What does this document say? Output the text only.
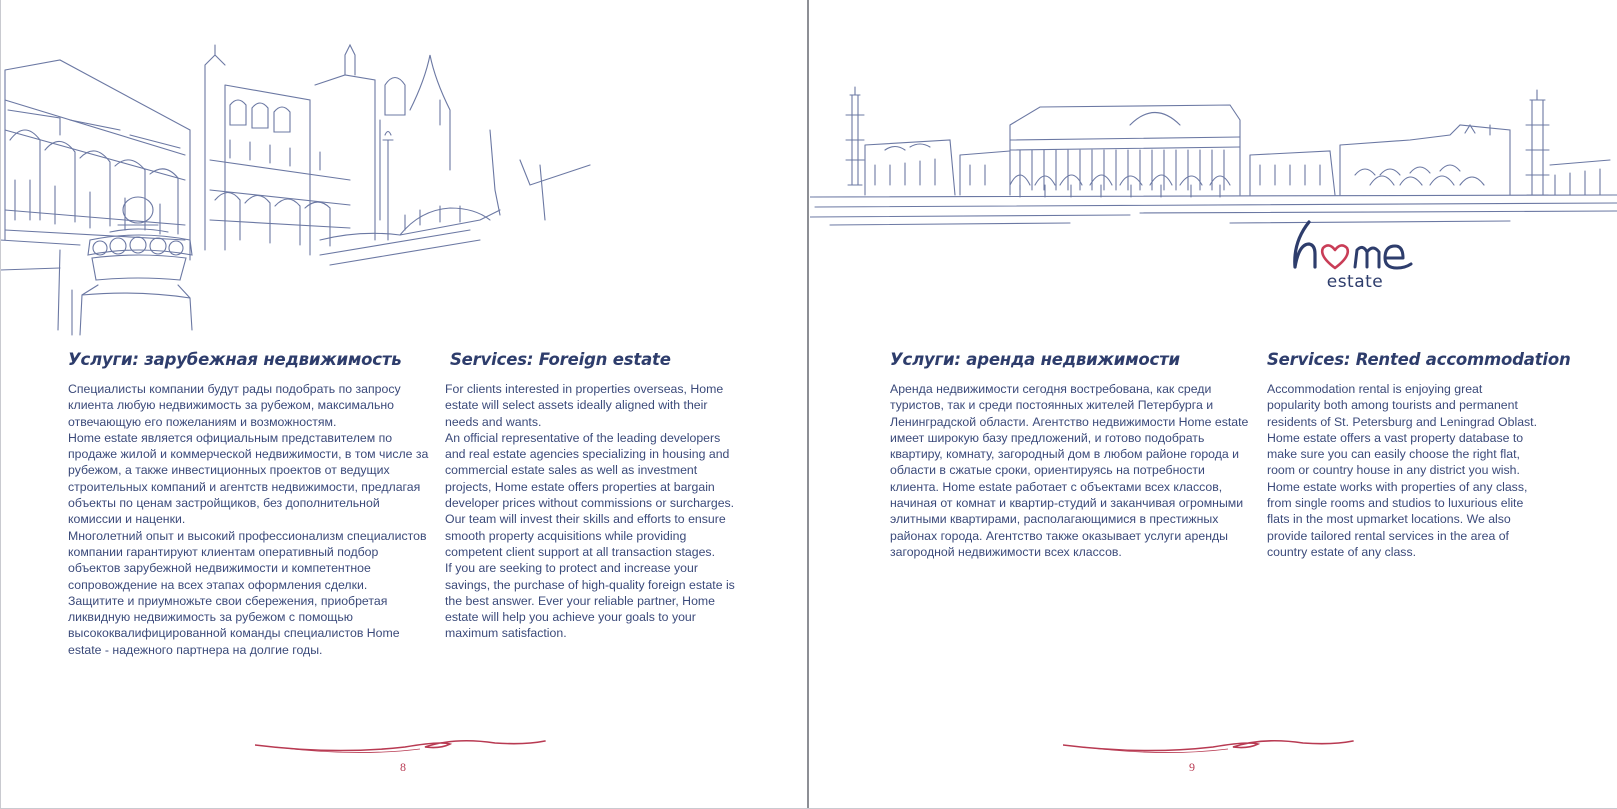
Услуги: зарубежная недвижимость

Специалисты компании будут рады подобрать по запросу клиента любую недвижимость за рубежом, максимально отвечающую его пожеланиям и возможностям.

Home estate является официальным представителем по продаже жилой и коммерческой недвижимости, в том числе за рубежом, а также инвестиционных проектов от ведущих строительных компаний и агентств недвижимости, предлагая объекты по ценам застройщиков, без дополнительной комиссии и наценки.

Многолетний опыт и высокий профессионализм специалистов компании гарантируют клиентам оперативный подбор объектов зарубежной недвижимости и компетентное сопровождение на всех этапах оформления сделки.

Защитите и приумножьте свои сбережения, приобретая ликвидную недвижимость за рубежом с помощью высококвалифицированной команды специалистов Home estate - надежного партнера на долгие годы.

Services: Foreign estate

For clients interested in properties overseas, Home estate will select assets ideally aligned with their needs and wants.

An official representative of the leading developers and real estate agencies specializing in housing and commercial estate sales as well as investment projects, Home estate offers properties at bargain developer prices without commissions or surcharges.

Our team will invest their skills and efforts to ensure smooth property acquisitions while providing competent client support at all transaction stages.

If you are seeking to protect and increase your savings, the purchase of high-quality foreign estate is the best answer. Ever your reliable partner, Home estate will help you achieve your goals to your maximum satisfaction.

8
estate
Услуги: аренда недвижимости

Аренда недвижимости сегодня востребована, как среди туристов, так и среди постоянных жителей Петербурга и Ленинградской области. Агентство недвижимости Home estate имеет широкую базу предложений, и готово подобрать квартиру, комнату, загородный дом в любом районе города и области в сжатые сроки, ориентируясь на потребности клиента. Home estate работает с объектами всех классов, начиная от комнат и квартир-студий и заканчивая огромными элитными квартирами, располагающимися в престижных районах города. Агентство также оказывает услуги аренды загородной недвижимости всех классов.

Services: Rented accommodation

Accommodation rental is enjoying great popularity both among tourists and permanent residents of St. Petersburg and Leningrad Oblast. Home estate offers a vast property database to make sure you can easily choose the right flat, room or country house in any district you wish. Home estate works with properties of any class, from single rooms and studios to luxurious elite flats in the most upmarket locations. We also provide tailored rental services in the area of country estate of any class.

9
